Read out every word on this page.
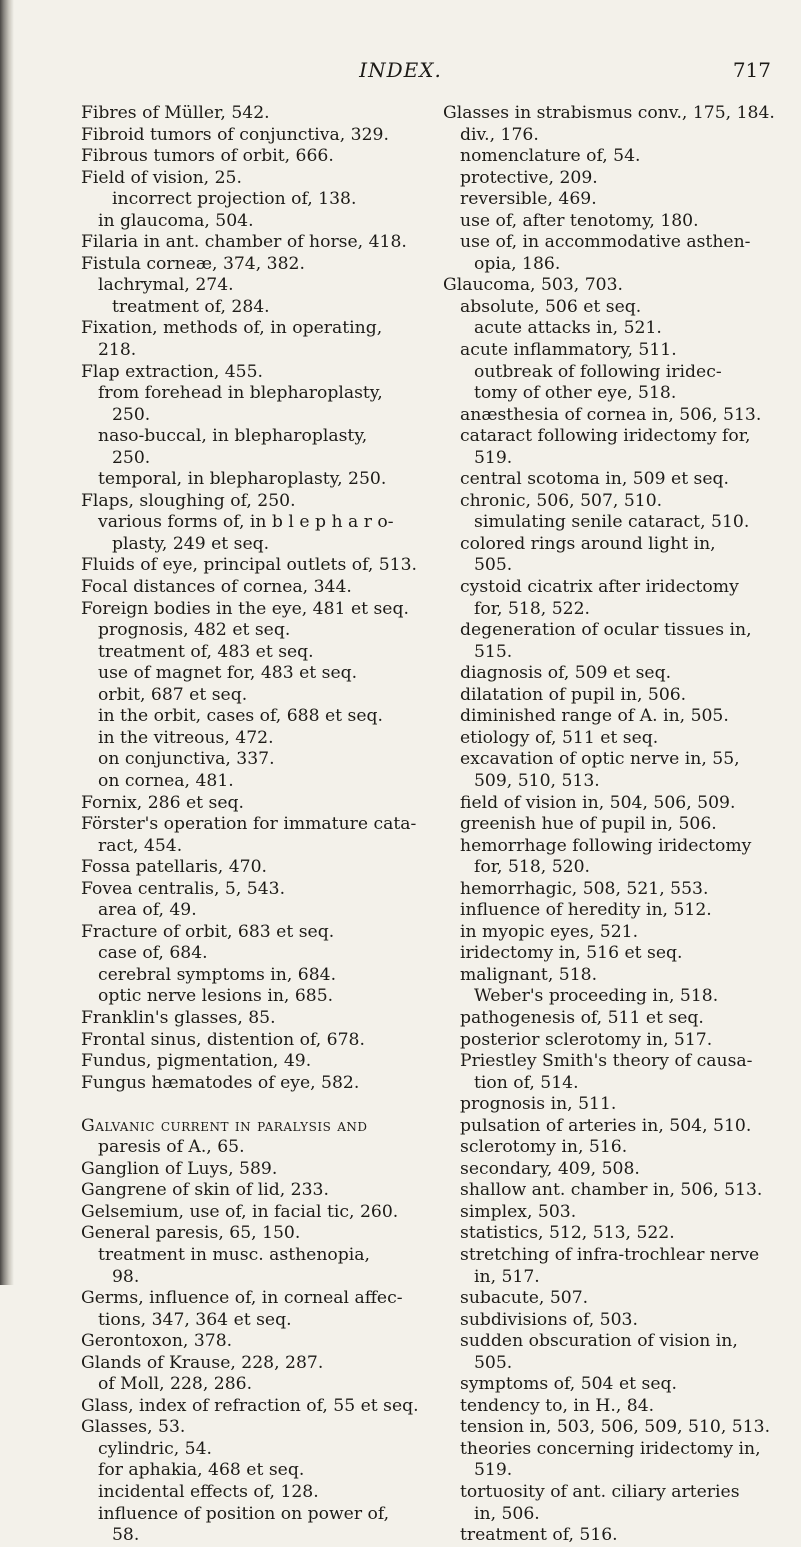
INDEX.	717
Fibres of Müller, 542.
Fibroid tumors of conjunctiva, 329.
Fibrous tumors of orbit, 666.
Field of vision, 25.
incorrect projection of, 138.
in glaucoma, 504.
Filaria in ant. chamber of horse, 418.
Fistula corneæ, 374, 382.
lachrymal, 274.
treatment of, 284.
Fixation, methods of, in operating,
218.
Flap extraction, 455.
from forehead in blepharoplasty,
250.
naso-buccal, in blepharoplasty,
250.
temporal, in blepharoplasty, 250.
Flaps, sloughing of, 250.
various forms of, in b l e p h a r o-
plasty, 249 et seq.
Fluids of eye, principal outlets of, 513.
Focal distances of cornea, 344.
Foreign bodies in the eye, 481 et seq.
prognosis, 482 et seq.
treatment of, 483 et seq.
use of magnet for, 483 et seq.
orbit, 687 et seq.
in the orbit, cases of, 688 et seq.
in the vitreous, 472.
on conjunctiva, 337.
on cornea, 481.
Fornix, 286 et seq.
Förster's operation for immature cata-
ract, 454.
Fossa patellaris, 470.
Fovea centralis, 5, 543.
area of, 49.
Fracture of orbit, 683 et seq.
case of, 684.
cerebral symptoms in, 684.
optic nerve lesions in, 685.
Franklin's glasses, 85.
Frontal sinus, distention of, 678.
Fundus, pigmentation, 49.
Fungus hæmatodes of eye, 582.

Galvanic current in paralysis and
paresis of A., 65.
Ganglion of Luys, 589.
Gangrene of skin of lid, 233.
Gelsemium, use of, in facial tic, 260.
General paresis, 65, 150.
treatment in musc. asthenopia,
98.
Germs, influence of, in corneal affec-
tions, 347, 364 et seq.
Gerontoxon, 378.
Glands of Krause, 228, 287.
of Moll, 228, 286.
Glass, index of refraction of, 55 et seq.
Glasses, 53.
cylindric, 54.
for aphakia, 468 et seq.
incidental effects of, 128.
influence of position on power of,
58.
Glasses in strabismus conv., 175, 184.
div., 176.
nomenclature of, 54.
protective, 209.
reversible, 469.
use of, after tenotomy, 180.
use of, in accommodative asthen-
opia, 186.
Glaucoma, 503, 703.
absolute, 506 et seq.
acute attacks in, 521.
acute inflammatory, 511.
outbreak of following iridec-
tomy of other eye, 518.
anæsthesia of cornea in, 506, 513.
cataract following iridectomy for,
519.
central scotoma in, 509 et seq.
chronic, 506, 507, 510.
simulating senile cataract, 510.
colored rings around light in,
505.
cystoid cicatrix after iridectomy
for, 518, 522.
degeneration of ocular tissues in,
515.
diagnosis of, 509 et seq.
dilatation of pupil in, 506.
diminished range of A. in, 505.
etiology of, 511 et seq.
excavation of optic nerve in, 55,
509, 510, 513.
field of vision in, 504, 506, 509.
greenish hue of pupil in, 506.
hemorrhage following iridectomy
for, 518, 520.
hemorrhagic, 508, 521, 553.
influence of heredity in, 512.
in myopic eyes, 521.
iridectomy in, 516 et seq.
malignant, 518.
Weber's proceeding in, 518.
pathogenesis of, 511 et seq.
posterior sclerotomy in, 517.
Priestley Smith's theory of causa-
tion of, 514.
prognosis in, 511.
pulsation of arteries in, 504, 510.
sclerotomy in, 516.
secondary, 409, 508.
shallow ant. chamber in, 506, 513.
simplex, 503.
statistics, 512, 513, 522.
stretching of infra-trochlear nerve
in, 517.
subacute, 507.
subdivisions of, 503.
sudden obscuration of vision in,
505.
symptoms of, 504 et seq.
tendency to, in H., 84.
tension in, 503, 506, 509, 510, 513.
theories concerning iridectomy in,
519.
tortuosity of ant. ciliary arteries
in, 506.
treatment of, 516.
